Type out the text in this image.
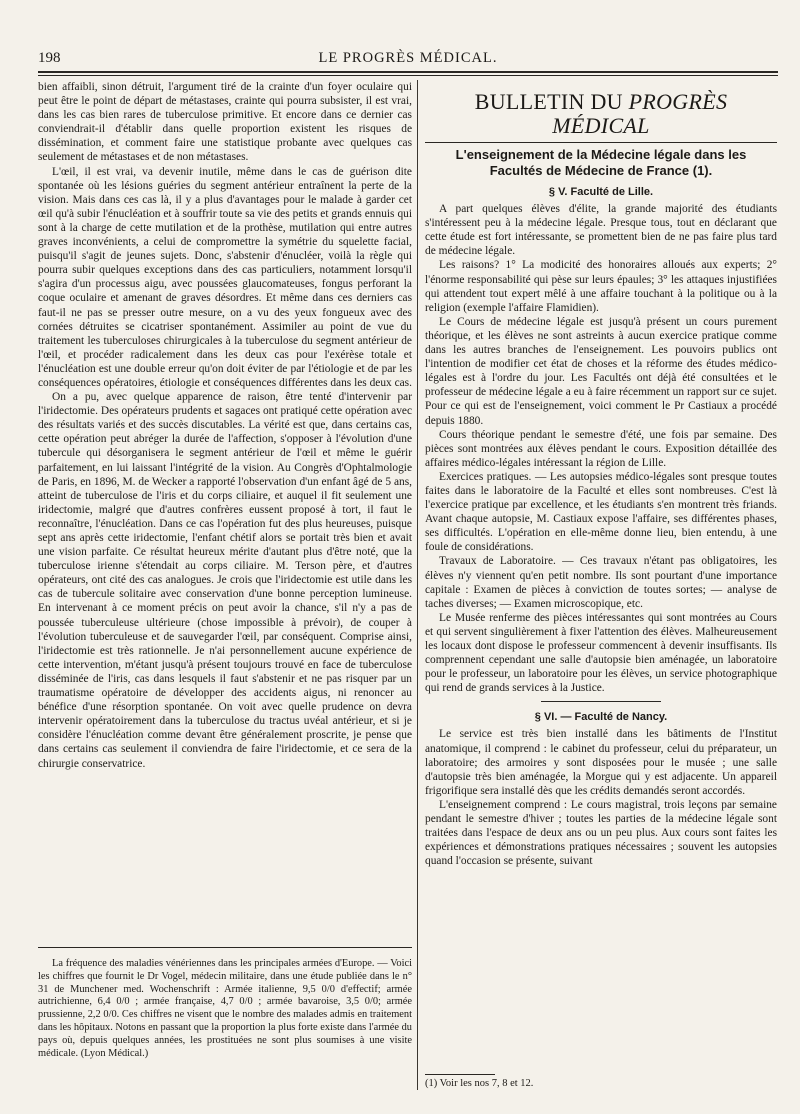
198	LE PROGRÈS MÉDICAL.

bien affaibli, sinon détruit, l'argument tiré de la crainte d'un foyer oculaire qui peut être le point de départ de métastases, crainte qui pourra subsister, il est vrai, dans les cas bien rares de tuberculose primitive. Et encore dans ce dernier cas conviendrait-il d'établir dans quelle proportion existent les risques de dissémination, et comment faire une statistique probante avec quelques cas seulement de métastases et de non métastases.

L'œil, il est vrai, va devenir inutile, même dans le cas de guérison dite spontanée où les lésions guéries du segment antérieur entraînent la perte de la vision. Mais dans ces cas là, il y a plus d'avantages pour le malade à garder cet œil qu'à subir l'énucléation et à souffrir toute sa vie des petits et grands ennuis qui sont à la charge de cette mutilation et de la prothèse, mutilation qui entre autres graves inconvénients, a celui de compromettre la symétrie du squelette facial, puisqu'il s'agit de jeunes sujets. Donc, s'abstenir d'énucléer, voilà la règle qui pourra subir quelques exceptions dans des cas particuliers, notamment lorsqu'il s'agira d'un processus aigu, avec poussées glaucomateuses, fongus perforant la coque oculaire et amenant de graves désordres. Et même dans ces derniers cas faut-il ne pas se presser outre mesure, on a vu des yeux fongueux avec des cornées détruites se cicatriser spontanément. Assimiler au point de vue du traitement les tuberculoses chirurgicales à la tuberculose du segment antérieur de l'œil, et procéder radicalement dans les deux cas pour l'exérèse totale et l'énucléation est une double erreur qu'on doit éviter de par l'étiologie et de par les conséquences opératoires, étiologie et conséquences différentes dans les deux cas.

On a pu, avec quelque apparence de raison, être tenté d'intervenir par l'iridectomie. Des opérateurs prudents et sagaces ont pratiqué cette opération avec des résultats variés et des succès discutables. La vérité est que, dans certains cas, cette opération peut abréger la durée de l'affection, s'opposer à l'évolution d'une tubercule qui désorganisera le segment antérieur de l'œil et même le guérir parfaitement, en lui laissant l'intégrité de la vision. Au Congrès d'Ophtalmologie de Paris, en 1896, M. de Wecker a rapporté l'observation d'un enfant âgé de 5 ans, atteint de tuberculose de l'iris et du corps ciliaire, et auquel il fit seulement une iridectomie, malgré que d'autres confrères eussent proposé à tort, il faut le reconnaître, l'énucléation. Dans ce cas l'opération fut des plus heureuses, puisque sept ans après cette iridectomie, l'enfant chétif alors se portait très bien et avait une vision parfaite. Ce résultat heureux mérite d'autant plus d'être noté, que la tuberculose irienne s'étendait au corps ciliaire. M. Terson père, et d'autres opérateurs, ont cité des cas analogues. Je crois que l'iridectomie est utile dans les cas de tubercule solitaire avec conservation d'une bonne perception lumineuse. En intervenant à ce moment précis on peut avoir la chance, s'il n'y a pas de poussée tuberculeuse ultérieure (chose impossible à prévoir), de couper à l'évolution tuberculeuse et de sauvegarder l'œil, par conséquent. Comprise ainsi, l'iridectomie est très rationnelle. Je n'ai personnellement aucune expérience de cette intervention, m'étant jusqu'à présent toujours trouvé en face de tuberculose disséminée de l'iris, cas dans lesquels il faut s'abstenir et ne pas risquer par un traumatisme opératoire de développer des accidents aigus, ni renoncer au bénéfice d'une résorption spontanée. On voit avec quelle prudence on devra intervenir opératoirement dans la tuberculose du tractus uvéal antérieur, et si je considère l'énucléation comme devant être généralement proscrite, je pense que dans certains cas seulement il conviendra de faire l'iridectomie, et ce sera de la chirurgie conservatrice.

La fréquence des maladies vénériennes dans les principales armées d'Europe. — Voici les chiffres que fournit le Dr Vogel, médecin militaire, dans une étude publiée dans le n° 31 de Munchener med. Wochenschrift : Armée italienne, 9,5 0/0 d'effectif; armée autrichienne, 6,4 0/0 ; armée française, 4,7 0/0 ; armée bavaroise, 3,5 0/0; armée prussienne, 2,2 0/0. Ces chiffres ne visent que le nombre des malades admis en traitement dans les hôpitaux. Notons en passant que la proportion la plus forte existe dans l'armée du pays où, depuis quelques années, les prostituées ne sont plus soumises à une visite médicale. (Lyon Médical.)

BULLETIN DU PROGRÈS MÉDICAL
L'enseignement de la Médecine légale dans les Facultés de Médecine de France (1).
§ V. Faculté de Lille.

A part quelques élèves d'élite, la grande majorité des étudiants s'intéressent peu à la médecine légale. Presque tous, tout en déclarant que cette étude est fort intéressante, se promettent bien de ne pas faire plus tard de médecine légale.

Les raisons? 1° La modicité des honoraires alloués aux experts; 2° l'énorme responsabilité qui pèse sur leurs épaules; 3° les attaques injustifiées qui attendent tout expert mêlé à une affaire touchant à la politique ou à la religion (exemple l'affaire Flamidien).

Le Cours de médecine légale est jusqu'à présent un cours purement théorique, et les élèves ne sont astreints à aucun exercice pratique comme dans les autres branches de l'enseignement. Les pouvoirs publics ont l'intention de modifier cet état de choses et la réforme des études médico-légales est à l'ordre du jour. Les Facultés ont déjà été consultées et le professeur de médecine légale a eu à faire récemment un rapport sur ce sujet. Pour ce qui est de l'enseignement, voici comment le Pr Castiaux a procédé depuis 1880.

Cours théorique pendant le semestre d'été, une fois par semaine. Des pièces sont montrées aux élèves pendant le cours. Exposition détaillée des affaires médico-légales intéressant la région de Lille.

Exercices pratiques. — Les autopsies médico-légales sont presque toutes faites dans le laboratoire de la Faculté et elles sont nombreuses. C'est là l'exercice pratique par excellence, et les étudiants s'en montrent très friands. Avant chaque autopsie, M. Castiaux expose l'affaire, ses différentes phases, ses difficultés. L'opération en elle-même donne lieu, bien entendu, à une foule de considérations.

Travaux de Laboratoire. — Ces travaux n'étant pas obligatoires, les élèves n'y viennent qu'en petit nombre. Ils sont pourtant d'une importance capitale : Examen de pièces à conviction de toutes sortes; — analyse de taches diverses; — Examen microscopique, etc.

Le Musée renferme des pièces intéressantes qui sont montrées au Cours et qui servent singulièrement à fixer l'attention des élèves. Malheureusement les locaux dont dispose le professeur commencent à devenir insuffisants. Ils comprennent cependant une salle d'autopsie bien aménagée, un laboratoire pour le professeur, un laboratoire pour les élèves, un service photographique qui rend de grands services à la Justice.

§ VI. — Faculté de Nancy.

Le service est très bien installé dans les bâtiments de l'Institut anatomique, il comprend : le cabinet du professeur, celui du préparateur, un laboratoire; des armoires y sont disposées pour le musée ; une salle d'autopsie très bien aménagée, la Morgue qui y est adjacente. Un appareil frigorifique sera installé dès que les crédits demandés seront accordés.

L'enseignement comprend : Le cours magistral, trois leçons par semaine pendant le semestre d'hiver ; toutes les parties de la médecine légale sont traitées dans l'espace de deux ans ou un peu plus. Aux cours sont faites les expériences et démonstrations pratiques nécessaires ; souvent les autopsies quand l'occasion se présente, suivant

(1) Voir les nos 7, 8 et 12.
